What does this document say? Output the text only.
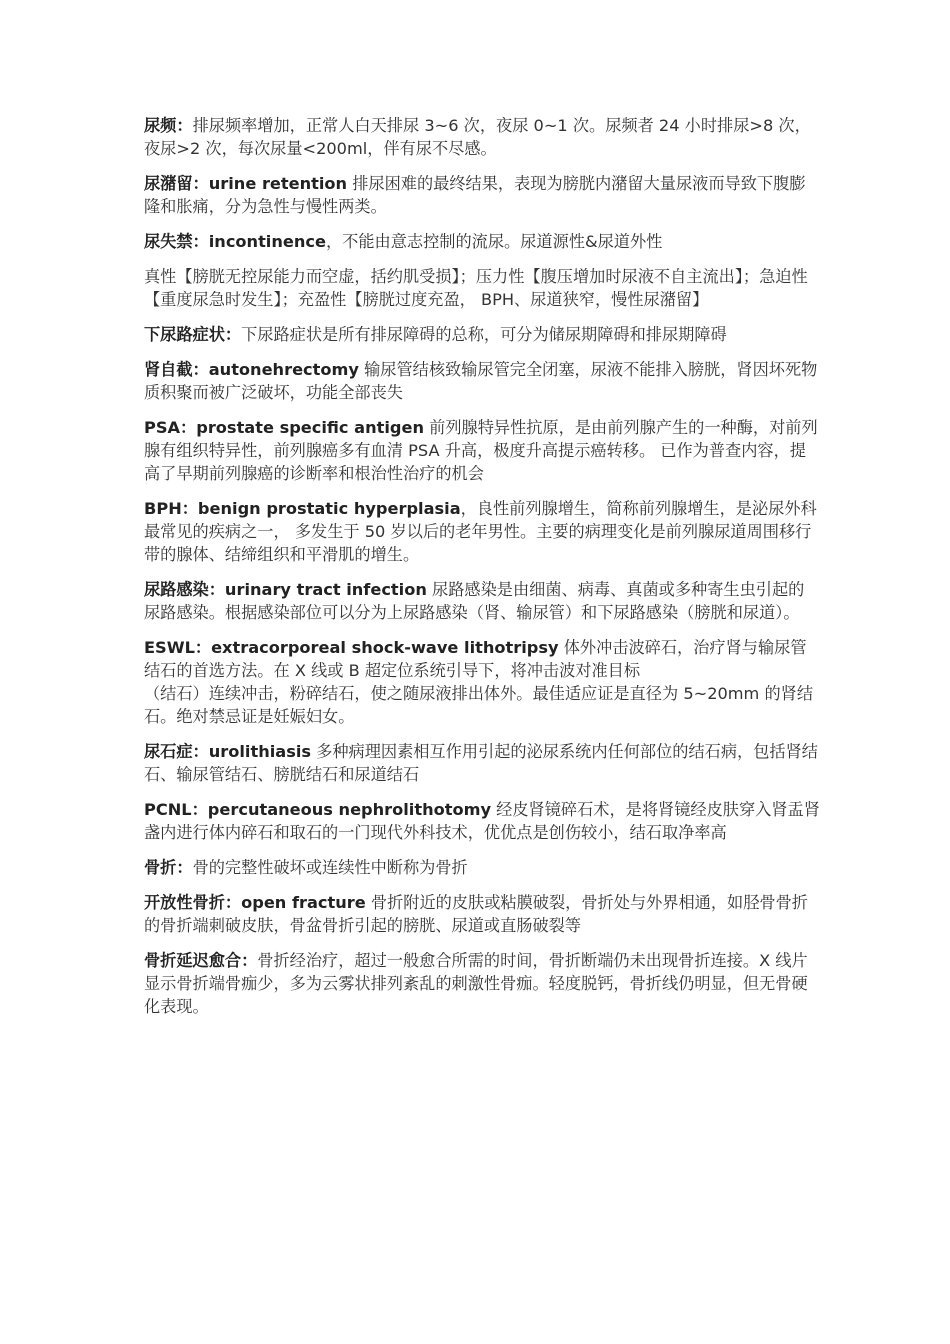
尿频：排尿频率增加，正常人白天排尿 3~6 次，夜尿 0~1 次。尿频者 24 小时排尿>8 次，夜尿>2 次，每次尿量<200ml，伴有尿不尽感。

尿潴留：urine retention 排尿困难的最终结果，表现为膀胱内潴留大量尿液而导致下腹膨隆和胀痛，分为急性与慢性两类。

尿失禁：incontinence，不能由意志控制的流尿。尿道源性&尿道外性

真性【膀胱无控尿能力而空虚，括约肌受损】；压力性【腹压增加时尿液不自主流出】；急迫性【重度尿急时发生】；充盈性【膀胱过度充盈， BPH、尿道狭窄，慢性尿潴留】

下尿路症状：下尿路症状是所有排尿障碍的总称，可分为储尿期障碍和排尿期障碍

肾自截：autonehrectomy 输尿管结核致输尿管完全闭塞，尿液不能排入膀胱，肾因坏死物质积聚而被广泛破坏，功能全部丧失

PSA：prostate specific antigen 前列腺特异性抗原，是由前列腺产生的一种酶，对前列腺有组织特异性，前列腺癌多有血清 PSA 升高，极度升高提示癌转移。 已作为普查内容，提高了早期前列腺癌的诊断率和根治性治疗的机会

BPH：benign prostatic hyperplasia，良性前列腺增生，简称前列腺增生，是泌尿外科最常见的疾病之一， 多发生于 50 岁以后的老年男性。主要的病理变化是前列腺尿道周围移行带的腺体、结缔组织和平滑肌的增生。

尿路感染：urinary tract infection 尿路感染是由细菌、病毒、真菌或多种寄生虫引起的尿路感染。根据感染部位可以分为上尿路感染（肾、输尿管）和下尿路感染（膀胱和尿道）。

ESWL：extracorporeal shock-wave lithotripsy 体外冲击波碎石，治疗肾与输尿管结石的首选方法。在 X 线或 B 超定位系统引导下，将冲击波对准目标
（结石）连续冲击，粉碎结石，使之随尿液排出体外。最佳适应证是直径为 5~20mm 的肾结石。绝对禁忌证是妊娠妇女。

尿石症：urolithiasis 多种病理因素相互作用引起的泌尿系统内任何部位的结石病，包括肾结石、输尿管结石、膀胱结石和尿道结石

PCNL：percutaneous nephrolithotomy 经皮肾镜碎石术，是将肾镜经皮肤穿入肾盂肾盏内进行体内碎石和取石的一门现代外科技术，优优点是创伤较小，结石取净率高

骨折：骨的完整性破坏或连续性中断称为骨折

开放性骨折：open fracture 骨折附近的皮肤或粘膜破裂，骨折处与外界相通，如胫骨骨折的骨折端刺破皮肤，骨盆骨折引起的膀胱、尿道或直肠破裂等

骨折延迟愈合：骨折经治疗，超过一般愈合所需的时间，骨折断端仍未出现骨折连接。X 线片显示骨折端骨痂少，多为云雾状排列紊乱的刺激性骨痂。轻度脱钙，骨折线仍明显，但无骨硬化表现。
